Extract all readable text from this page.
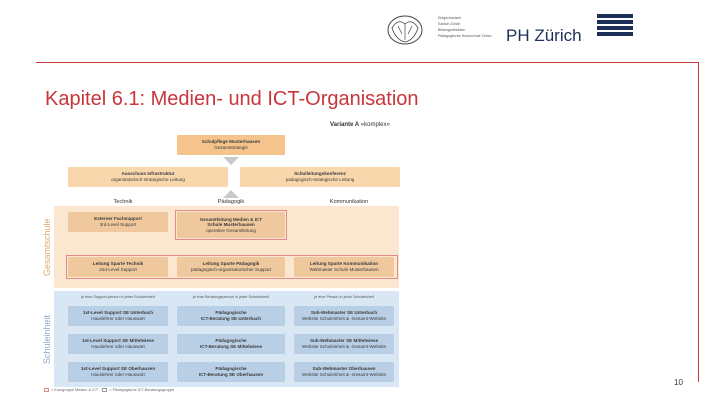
Eidgenössisch
Kanton Zürich
Bildungsdirektion
Pädagogische Hochschule Zürich PH Zürich
Kapitel 6.1: Medien- und ICT-Organisation
Variante A «komplex»
Schulpflege Musterhausen
Gesamtstrategie
Ausschuss Infrastruktur
organisatorisch-strategische Leitung
Schulleitungskonferenz
pädagogisch-strategische Leitung
Technik	Pädagogik	Kommunikation
Gesamtschule
Schuleinheit
Externer Fachsupport
3rd-Level Support
Gesamtleitung Medien & ICT
Schule Musterhausen
operative Gesamtleitung
Leitung Sparte Technik
2nd-Level Support
Leitung Sparte Pädagogik
pädagogisch-organisatorischer Support
Leitung Sparte Kommunikation
Webmaster Schule Musterhausen
je eine Support-person in jeder Schuleinheit	je eine Beratungsperson in jeder Schuleinheit	je eine Person in jeder Schuleinheit
1st-Level Support SE Unterbach
Hauslehrer oder Hauswart
Pädagogische
ICT-Beratung SE Unterbach
Sub-Webmaster SE Unterbach
Website Schuleinheit & -Gesamt-Website
1st-Level Support SE Mittelwiese
Hauslehrer oder Hauswart
Pädagogische
ICT-Beratung SE Mittelwiese
Sub-Webmaster SE Mittelwiese
Website Schuleinheit & -Gesamt-Website
1st-Level Support SE Oberhausen
Hauslehrer oder Hauswart
Pädagogische
ICT-Beratung SE Oberhausen
Sub-Webmaster Oberhausen
Website Schuleinheit & -Gesamt-Website
= Kurzgruppe Medien & ICT	= Pädagogische ICT-Beratungsgruppe
10
